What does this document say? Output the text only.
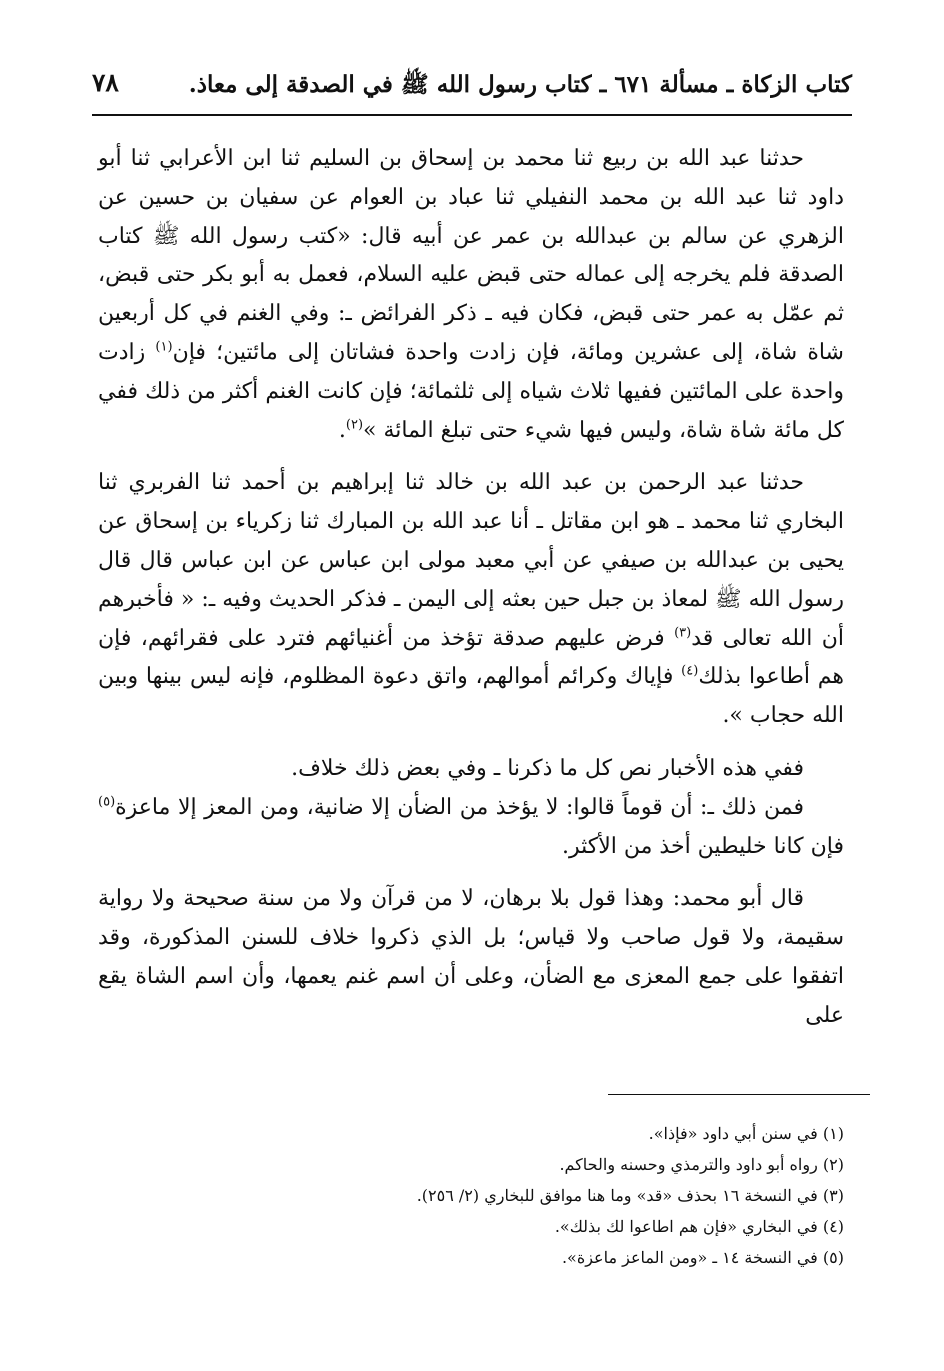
كتاب الزكاة ـ مسألة ٦٧١ ـ كتاب رسول الله ﷺ في الصدقة إلى معاذ.
٧٨

حدثنا عبد الله بن ربيع ثنا محمد بن إسحاق بن السليم ثنا ابن الأعرابي ثنا أبو داود ثنا عبد الله بن محمد النفيلي ثنا عباد بن العوام عن سفيان بن حسين عن الزهري عن سالم بن عبدالله بن عمر عن أبيه قال: «كتب رسول الله ﷺ كتاب الصدقة فلم يخرجه إلى عماله حتى قبض عليه السلام، فعمل به أبو بكر حتى قبض، ثم عمّل به عمر حتى قبض، فكان فيه ـ ذكر الفرائض ـ: وفي الغنم في كل أربعين شاة شاة، إلى عشرين ومائة، فإن زادت واحدة فشاتان إلى مائتين؛ فإن$^{(١)}$ زادت واحدة على المائتين ففيها ثلاث شياه إلى ثلثمائة؛ فإن كانت الغنم أكثر من ذلك ففي كل مائة شاة شاة، وليس فيها شيء حتى تبلغ المائة »$^{(٢)}$.

حدثنا عبد الرحمن بن عبد الله بن خالد ثنا إبراهيم بن أحمد ثنا الفربري ثنا البخاري ثنا محمد ـ هو ابن مقاتل ـ أنا عبد الله بن المبارك ثنا زكرياء بن إسحاق عن يحيى بن عبدالله بن صيفي عن أبي معبد مولى ابن عباس عن ابن عباس قال قال رسول الله ﷺ لمعاذ بن جبل حين بعثه إلى اليمن ـ فذكر الحديث وفيه ـ: « فأخبرهم أن الله تعالى قد$^{(٣)}$ فرض عليهم صدقة تؤخذ من أغنيائهم فترد على فقرائهم، فإن هم أطاعوا بذلك$^{(٤)}$ فإياك وكرائم أموالهم، واتق دعوة المظلوم، فإنه ليس بينها وبين الله حجاب ».

ففي هذه الأخبار نص كل ما ذكرنا ـ وفي بعض ذلك خلاف.

فمن ذلك ـ: أن قوماً قالوا: لا يؤخذ من الضأن إلا ضانية، ومن المعز إلا ماعزة$^{(٥)}$ فإن كانا خليطين أخذ من الأكثر.

قال أبو محمد: وهذا قول بلا برهان، لا من قرآن ولا من سنة صحيحة ولا رواية سقيمة، ولا قول صاحب ولا قياس؛ بل الذي ذكروا خلاف للسنن المذكورة، وقد اتفقوا على جمع المعزى مع الضأن، وعلى أن اسم غنم يعمها، وأن اسم الشاة يقع على

(١) في سنن أبي داود «فإذا».

(٢) رواه أبو داود والترمذي وحسنه والحاكم.

(٣) في النسخة ١٦ بحذف «قد» وما هنا موافق للبخاري (٢/ ٢٥٦).

(٤) في البخاري «فإن هم اطاعوا لك بذلك».

(٥) في النسخة ١٤ ـ «ومن الماعز ماعزة».
